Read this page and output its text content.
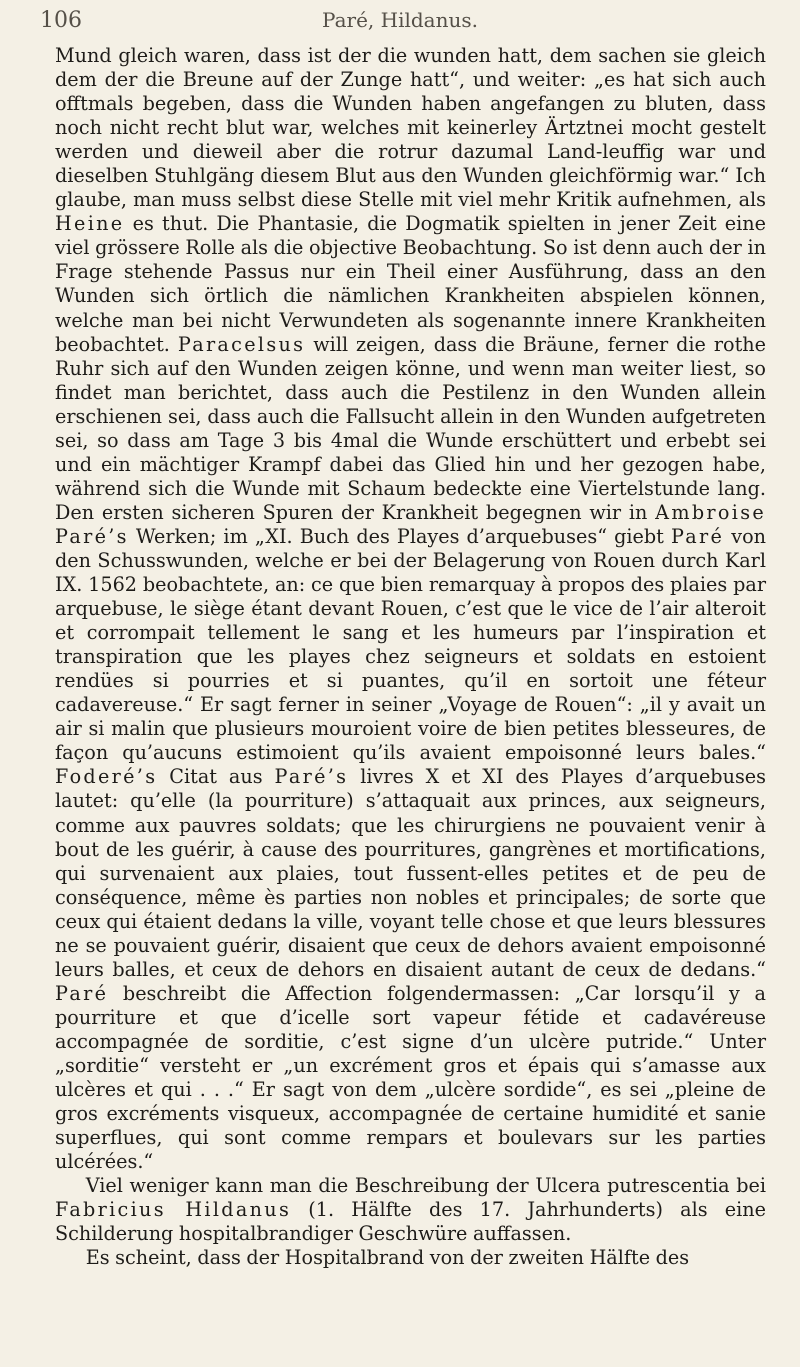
106	Paré, Hildanus.

Mund gleich waren, dass ist der die wunden hatt, dem sachen sie gleich dem der die Breune auf der Zunge hatt“, und weiter: „es hat sich auch offtmals begeben, dass die Wunden haben angefangen zu bluten, dass noch nicht recht blut war, welches mit keinerley Ärtztnei mocht gestelt werden und dieweil aber die rotrur dazumal Land-leuffig war und dieselben Stuhlgäng diesem Blut aus den Wunden gleichförmig war.“ Ich glaube, man muss selbst diese Stelle mit viel mehr Kritik aufnehmen, als Heine es thut. Die Phantasie, die Dogmatik spielten in jener Zeit eine viel grössere Rolle als die objective Beobachtung. So ist denn auch der in Frage stehende Passus nur ein Theil einer Ausführung, dass an den Wunden sich örtlich die nämlichen Krankheiten abspielen können, welche man bei nicht Verwundeten als sogenannte innere Krankheiten beobachtet. Paracelsus will zeigen, dass die Bräune, ferner die rothe Ruhr sich auf den Wunden zeigen könne, und wenn man weiter liest, so findet man berichtet, dass auch die Pestilenz in den Wunden allein erschienen sei, dass auch die Fallsucht allein in den Wunden aufgetreten sei, so dass am Tage 3 bis 4mal die Wunde erschüttert und erbebt sei und ein mächtiger Krampf dabei das Glied hin und her gezogen habe, während sich die Wunde mit Schaum bedeckte eine Viertelstunde lang. Den ersten sicheren Spuren der Krankheit begegnen wir in Ambroise Paré’s Werken; im „XI. Buch des Playes d’arquebuses“ giebt Paré von den Schusswunden, welche er bei der Belagerung von Rouen durch Karl IX. 1562 beobachtete, an: ce que bien remarquay à propos des plaies par arquebuse, le siège étant devant Rouen, c’est que le vice de l’air alteroit et corrompait tellement le sang et les humeurs par l’inspiration et transpiration que les playes chez seigneurs et soldats en estoient rendües si pourries et si puantes, qu’il en sortoit une féteur cadavereuse.“ Er sagt ferner in seiner „Voyage de Rouen“: „il y avait un air si malin que plusieurs mouroient voire de bien petites blesseures, de façon qu’aucuns estimoient qu’ils avaient empoisonné leurs bales.“ Foderé’s Citat aus Paré’s livres X et XI des Playes d’arquebuses lautet: qu’elle (la pourriture) s’attaquait aux princes, aux seigneurs, comme aux pauvres soldats; que les chirurgiens ne pouvaient venir à bout de les guérir, à cause des pourritures, gangrènes et mortifications, qui survenaient aux plaies, tout fussent-elles petites et de peu de conséquence, même ès parties non nobles et principales; de sorte que ceux qui étaient dedans la ville, voyant telle chose et que leurs blessures ne se pouvaient guérir, disaient que ceux de dehors avaient empoisonné leurs balles, et ceux de dehors en disaient autant de ceux de dedans.“ Paré beschreibt die Affection folgendermassen: „Car lorsqu’il y a pourriture et que d’icelle sort vapeur fétide et cadavéreuse accompagnée de sorditie, c’est signe d’un ulcère putride.“ Unter „sorditie“ versteht er „un excrément gros et épais qui s’amasse aux ulcères et qui . . .“ Er sagt von dem „ulcère sordide“, es sei „pleine de gros excréments visqueux, accompagnée de certaine humidité et sanie superflues, qui sont comme rempars et boulevars sur les parties ulcérées.“

Viel weniger kann man die Beschreibung der Ulcera putrescentia bei Fabricius Hildanus (1. Hälfte des 17. Jahrhunderts) als eine Schilderung hospitalbrandiger Geschwüre auffassen.

Es scheint, dass der Hospitalbrand von der zweiten Hälfte des
